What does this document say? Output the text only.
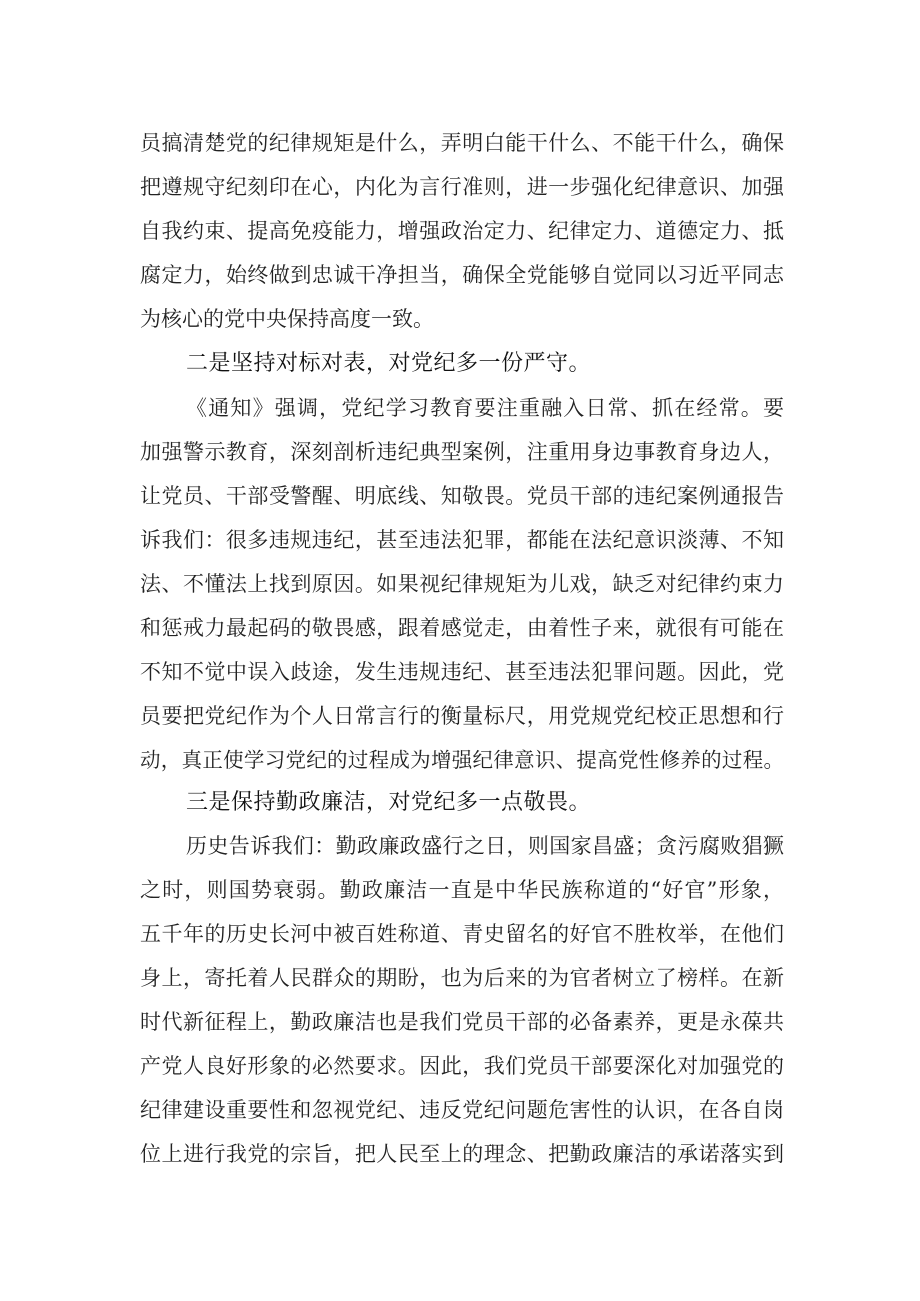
员搞清楚党的纪律规矩是什么，弄明白能干什么、不能干什么，确保
把遵规守纪刻印在心，内化为言行准则，进一步强化纪律意识、加强
自我约束、提高免疫能力，增强政治定力、纪律定力、道德定力、抵
腐定力，始终做到忠诚干净担当，确保全党能够自觉同以习近平同志
为核心的党中央保持高度一致。
二是坚持对标对表，对党纪多一份严守。
《通知》强调，党纪学习教育要注重融入日常、抓在经常。要
加强警示教育，深刻剖析违纪典型案例，注重用身边事教育身边人，
让党员、干部受警醒、明底线、知敬畏。党员干部的违纪案例通报告
诉我们：很多违规违纪，甚至违法犯罪，都能在法纪意识淡薄、不知
法、不懂法上找到原因。如果视纪律规矩为儿戏，缺乏对纪律约束力
和惩戒力最起码的敬畏感，跟着感觉走，由着性子来，就很有可能在
不知不觉中误入歧途，发生违规违纪、甚至违法犯罪问题。因此，党
员要把党纪作为个人日常言行的衡量标尺，用党规党纪校正思想和行
动，真正使学习党纪的过程成为增强纪律意识、提高党性修养的过程。
三是保持勤政廉洁，对党纪多一点敬畏。
历史告诉我们：勤政廉政盛行之日，则国家昌盛；贪污腐败猖獗
之时，则国势衰弱。勤政廉洁一直是中华民族称道的“好官”形象，
五千年的历史长河中被百姓称道、青史留名的好官不胜枚举，在他们
身上，寄托着人民群众的期盼，也为后来的为官者树立了榜样。在新
时代新征程上，勤政廉洁也是我们党员干部的必备素养，更是永葆共
产党人良好形象的必然要求。因此，我们党员干部要深化对加强党的
纪律建设重要性和忽视党纪、违反党纪问题危害性的认识，在各自岗
位上进行我党的宗旨，把人民至上的理念、把勤政廉洁的承诺落实到
